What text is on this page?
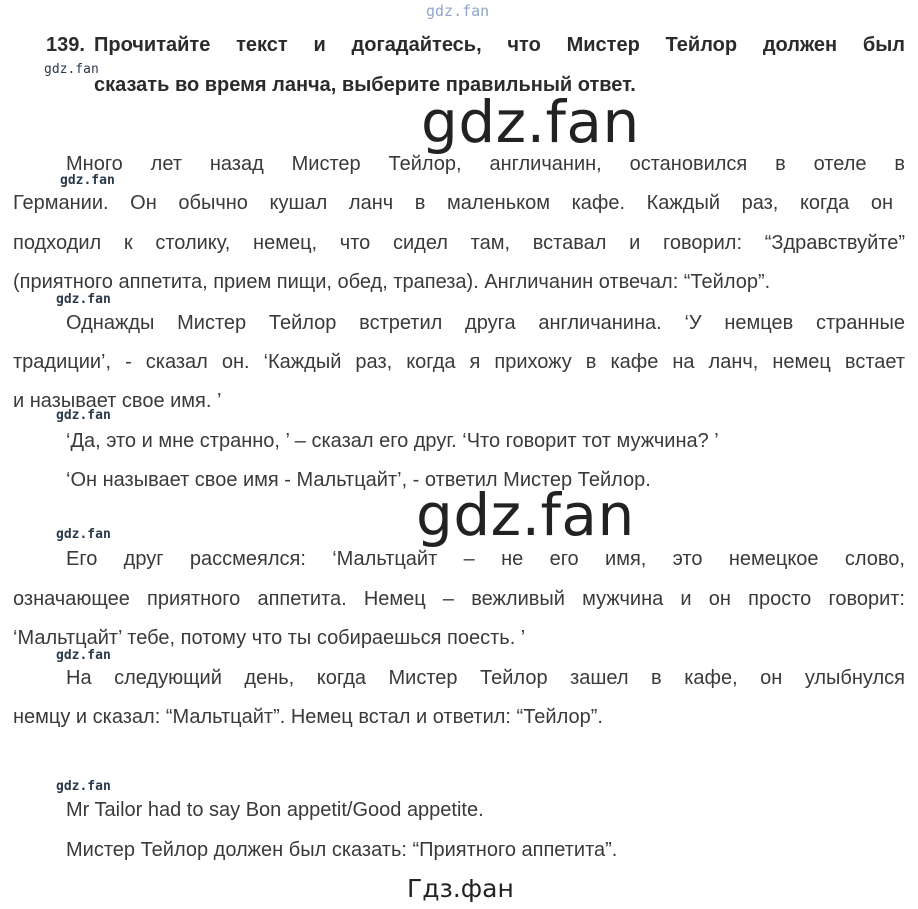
gdz.fan
gdz.fan
gdz.fan
gdz.fan
gdz.fan
gdz.fan
gdz.fan
gdz.fan
gdz.fan
gdz.fan
Гдз.фан
139. Прочитайте текст и догадайтесь, что Мистер Тейлор должен был
сказать во время ланча, выберите правильный ответ.
Много лет назад Мистер Тейлор, англичанин, остановился в отеле в
Германии. Он обычно кушал ланч в маленьком кафе. Каждый раз, когда он
подходил к столику, немец, что сидел там, вставал и говорил: “Здравствуйте”
(приятного аппетита, прием пищи, обед, трапеза). Англичанин отвечал: “Тейлор”.
Однажды Мистер Тейлор встретил друга англичанина. ‘У немцев странные
традиции’, - сказал он. ‘Каждый раз, когда я прихожу в кафе на ланч, немец встает
и называет свое имя. ’
‘Да, это и мне странно, ’ – сказал его друг. ‘Что говорит тот мужчина? ’
‘Он называет свое имя - Мальтцайт’, - ответил Мистер Тейлор.
Его друг рассмеялся: ‘Мальтцайт – не его имя, это немецкое слово,
означающее приятного аппетита. Немец – вежливый мужчина и он просто говорит:
‘Мальтцайт’ тебе, потому что ты собираешься поесть. ’
На следующий день, когда Мистер Тейлор зашел в кафе, он улыбнулся
немцу и сказал: “Мальтцайт”. Немец встал и ответил: “Тейлор”.
Mr Tailor had to say Bon appetit/Good appetite.
Мистер Тейлор должен был сказать: “Приятного аппетита”.
